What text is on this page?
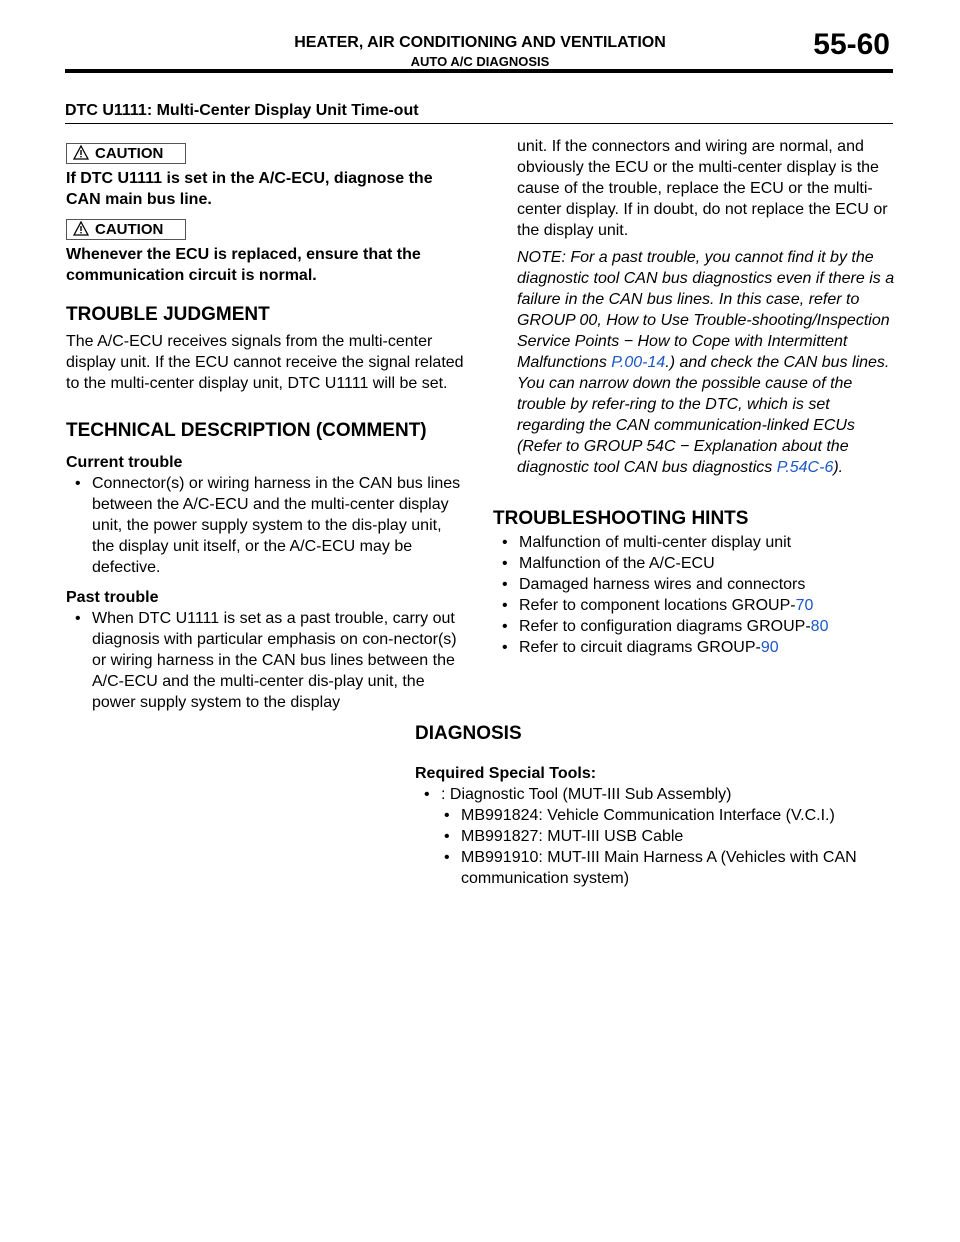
HEATER, AIR CONDITIONING AND VENTILATION
AUTO A/C DIAGNOSIS
55-60
DTC U1111: Multi-Center Display Unit Time-out
CAUTION
If DTC U1111 is set in the A/C-ECU, diagnose the CAN main bus line.
CAUTION
Whenever the ECU is replaced, ensure that the communication circuit is normal.
TROUBLE JUDGMENT
The A/C-ECU receives signals from the multi-center display unit. If the ECU cannot receive the signal related to the multi-center display unit, DTC U1111 will be set.
TECHNICAL DESCRIPTION (COMMENT)
Current trouble
• Connector(s) or wiring harness in the CAN bus lines between the A/C-ECU and the multi-center display unit, the power supply system to the dis-play unit, the display unit itself, or the A/C-ECU may be defective.
Past trouble
• When DTC U1111 is set as a past trouble, carry out diagnosis with particular emphasis on con-nector(s) or wiring harness in the CAN bus lines between the A/C-ECU and the multi-center dis-play unit, the power supply system to the display
unit. If the connectors and wiring are normal, and obviously the ECU or the multi-center display is the cause of the trouble, replace the ECU or the multi-center display. If in doubt, do not replace the ECU or the display unit.
NOTE: For a past trouble, you cannot find it by the diagnostic tool CAN bus diagnostics even if there is a failure in the CAN bus lines. In this case, refer to GROUP 00, How to Use Trouble-shooting/Inspection Service Points − How to Cope with Intermittent Malfunctions P.00-14.) and check the CAN bus lines. You can narrow down the possible cause of the trouble by refer-ring to the DTC, which is set regarding the CAN communication-linked ECUs (Refer to GROUP 54C − Explanation about the diagnostic tool CAN bus diagnostics P.54C-6).
TROUBLESHOOTING HINTS
• Malfunction of multi-center display unit
• Malfunction of the A/C-ECU
• Damaged harness wires and connectors
• Refer to component locations GROUP-70
• Refer to configuration diagrams GROUP-80
• Refer to circuit diagrams GROUP-90
DIAGNOSIS
Required Special Tools:
• : Diagnostic Tool (MUT-III Sub Assembly)
• MB991824: Vehicle Communication Interface (V.C.I.)
• MB991827: MUT-III USB Cable
• MB991910: MUT-III Main Harness A (Vehicles with CAN communication system)
